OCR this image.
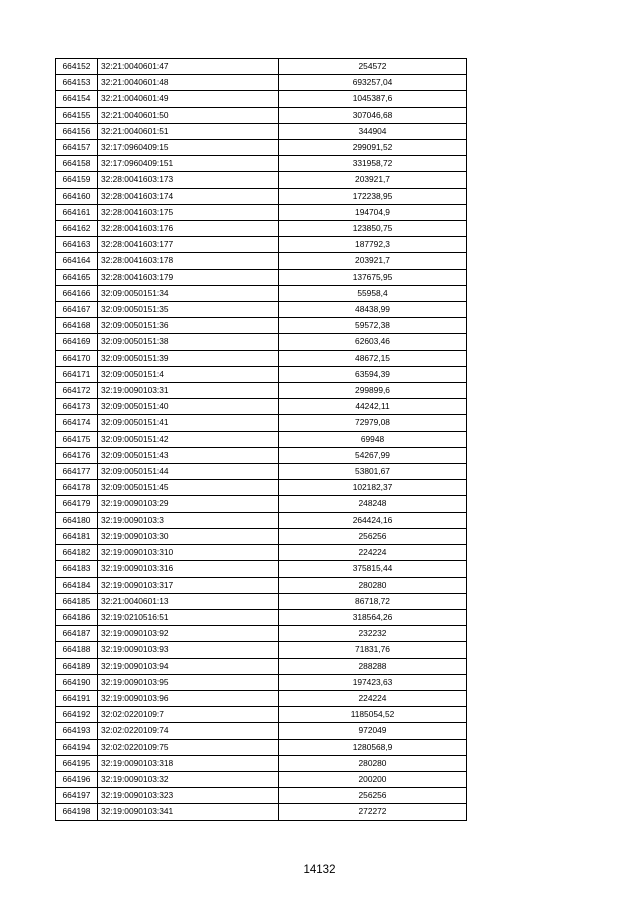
664152	32:21:0040601:47	254572
664153	32:21:0040601:48	693257,04
664154	32:21:0040601:49	1045387,6
664155	32:21:0040601:50	307046,68
664156	32:21:0040601:51	344904
664157	32:17:0960409:15	299091,52
664158	32:17:0960409:151	331958,72
664159	32:28:0041603:173	203921,7
664160	32:28:0041603:174	172238,95
664161	32:28:0041603:175	194704,9
664162	32:28:0041603:176	123850,75
664163	32:28:0041603:177	187792,3
664164	32:28:0041603:178	203921,7
664165	32:28:0041603:179	137675,95
664166	32:09:0050151:34	55958,4
664167	32:09:0050151:35	48438,99
664168	32:09:0050151:36	59572,38
664169	32:09:0050151:38	62603,46
664170	32:09:0050151:39	48672,15
664171	32:09:0050151:4	63594,39
664172	32:19:0090103:31	299899,6
664173	32:09:0050151:40	44242,11
664174	32:09:0050151:41	72979,08
664175	32:09:0050151:42	69948
664176	32:09:0050151:43	54267,99
664177	32:09:0050151:44	53801,67
664178	32:09:0050151:45	102182,37
664179	32:19:0090103:29	248248
664180	32:19:0090103:3	264424,16
664181	32:19:0090103:30	256256
664182	32:19:0090103:310	224224
664183	32:19:0090103:316	375815,44
664184	32:19:0090103:317	280280
664185	32:21:0040601:13	86718,72
664186	32:19:0210516:51	318564,26
664187	32:19:0090103:92	232232
664188	32:19:0090103:93	71831,76
664189	32:19:0090103:94	288288
664190	32:19:0090103:95	197423,63
664191	32:19:0090103:96	224224
664192	32:02:0220109:7	1185054,52
664193	32:02:0220109:74	972049
664194	32:02:0220109:75	1280568,9
664195	32:19:0090103:318	280280
664196	32:19:0090103:32	200200
664197	32:19:0090103:323	256256
664198	32:19:0090103:341	272272
14132
